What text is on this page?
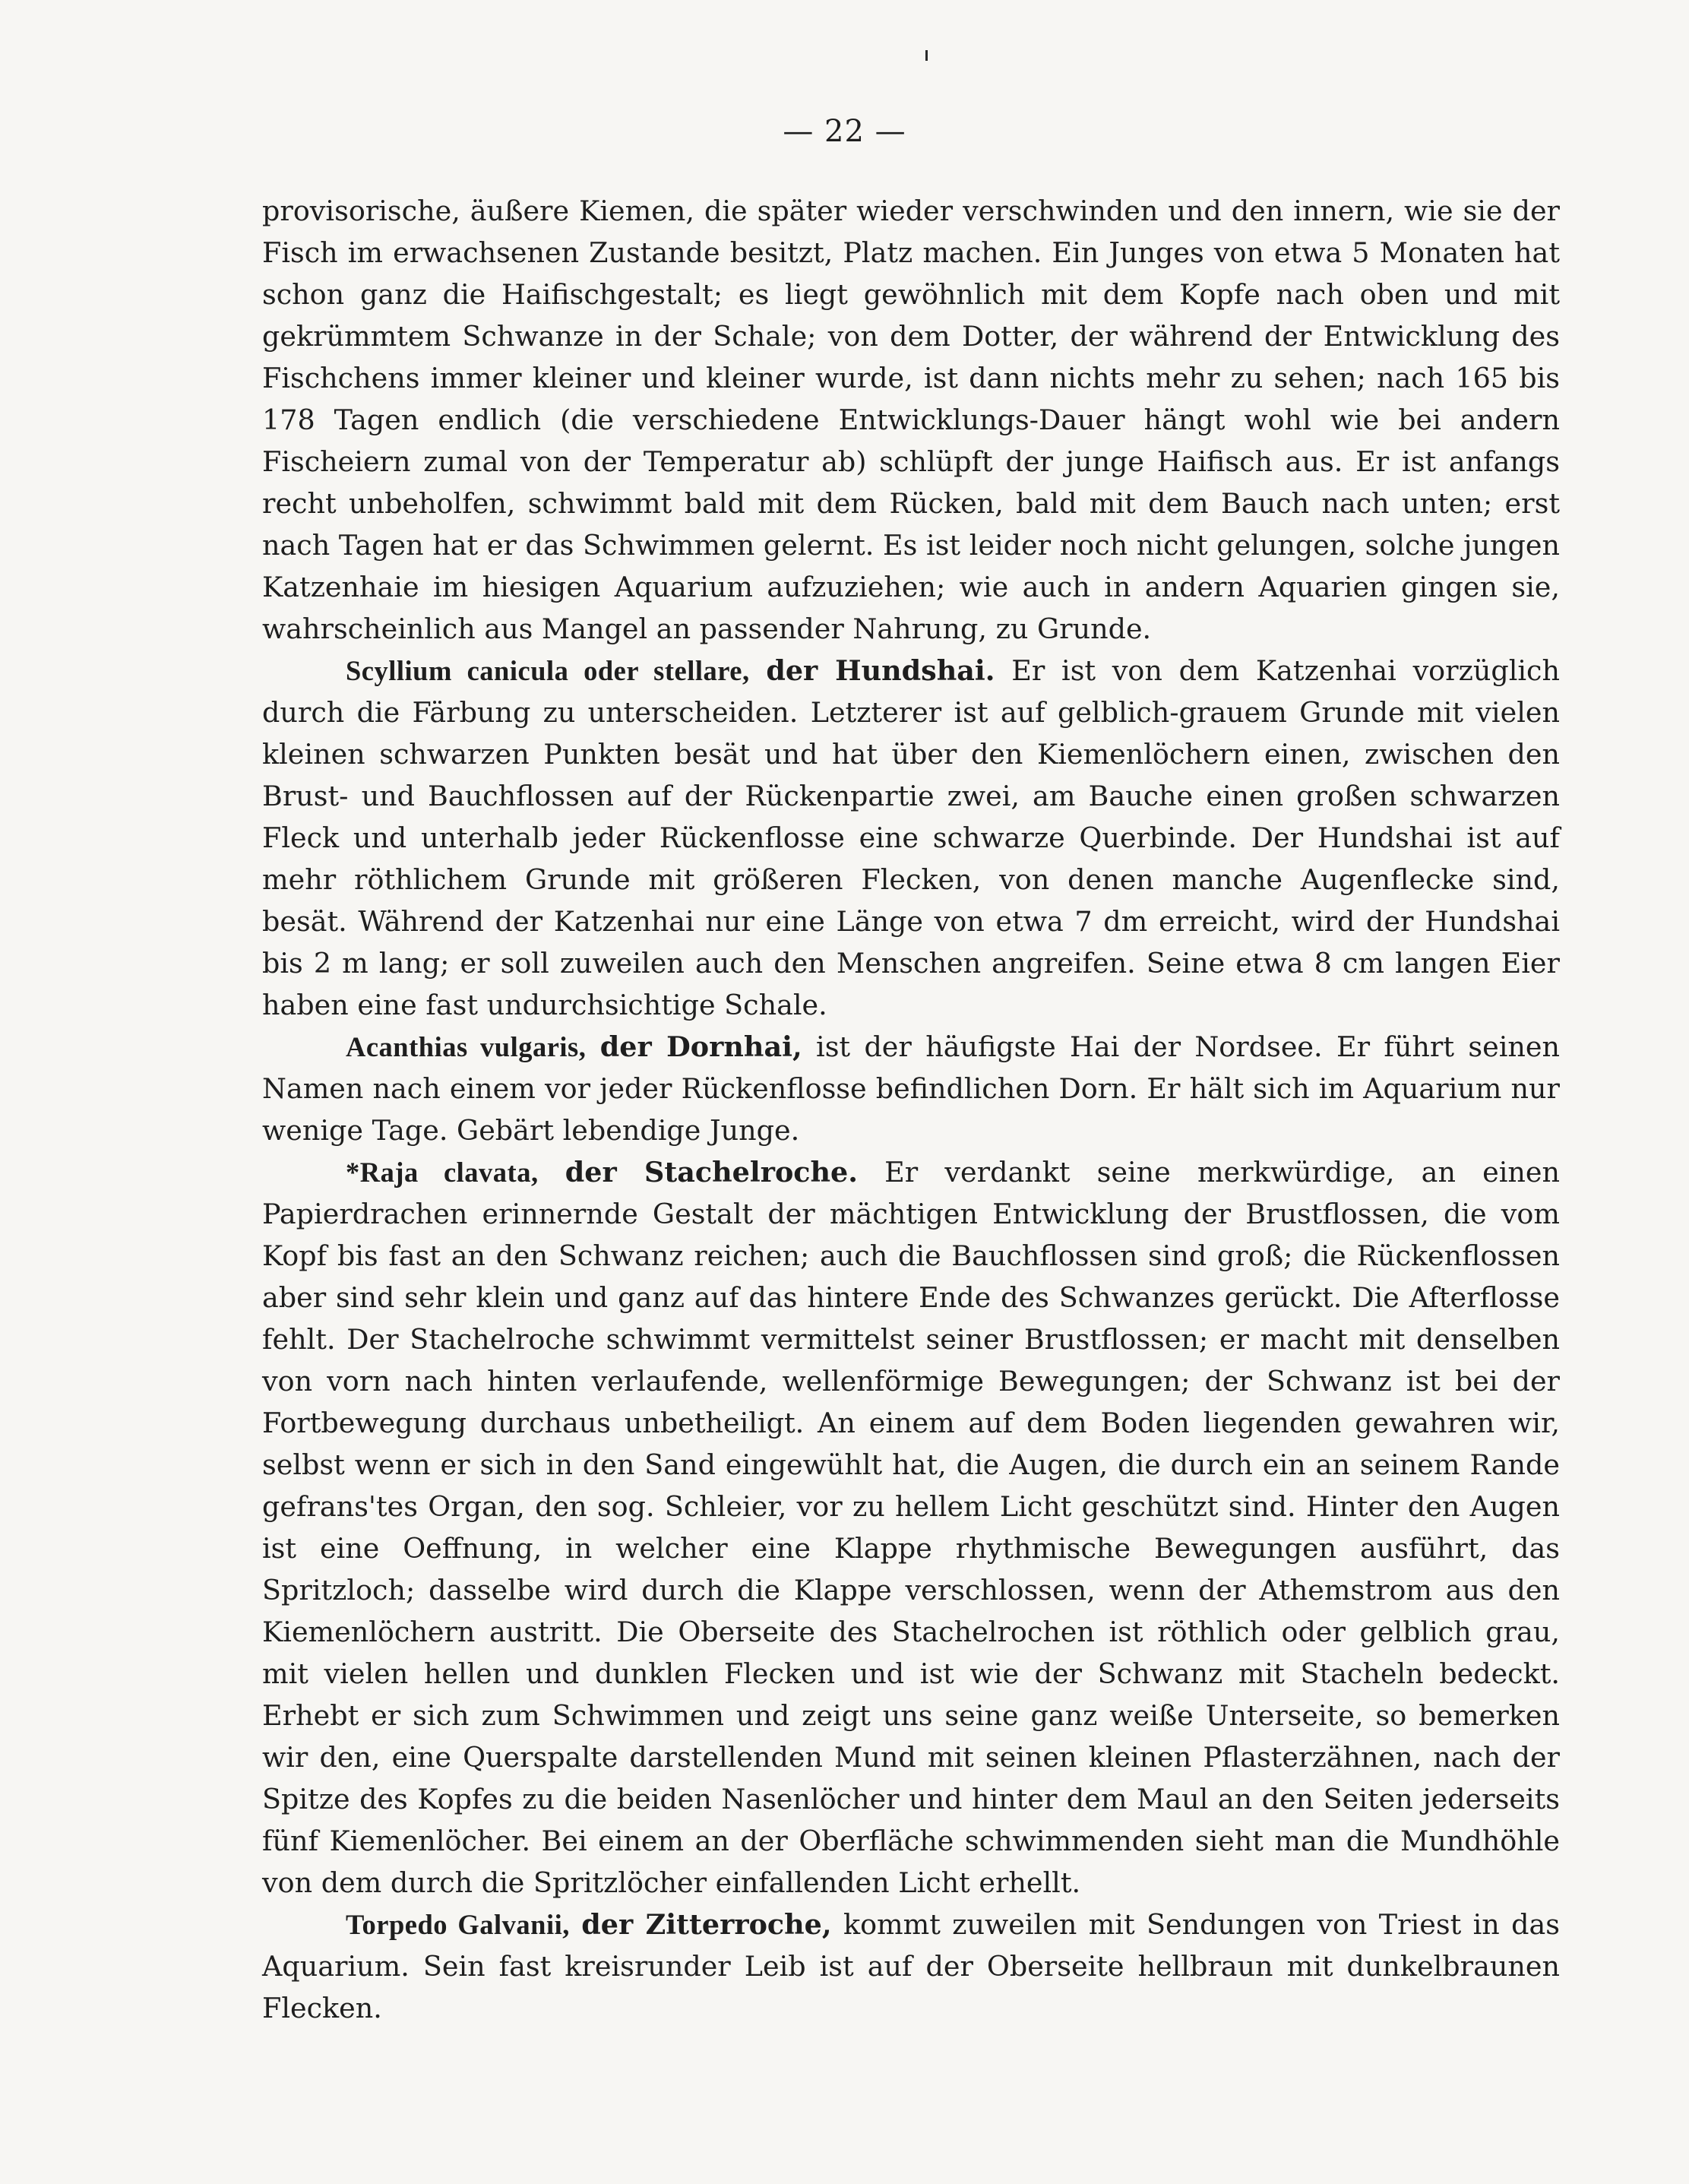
— 22 —

provisorische, äußere Kiemen, die später wieder verschwinden und den innern, wie sie der Fisch im erwachsenen Zustande besitzt, Platz machen. Ein Junges von etwa 5 Monaten hat schon ganz die Haifischgestalt; es liegt gewöhnlich mit dem Kopfe nach oben und mit gekrümmtem Schwanze in der Schale; von dem Dotter, der während der Entwicklung des Fischchens immer kleiner und kleiner wurde, ist dann nichts mehr zu sehen; nach 165 bis 178 Tagen endlich (die verschiedene Entwicklungs-Dauer hängt wohl wie bei andern Fischeiern zumal von der Temperatur ab) schlüpft der junge Haifisch aus. Er ist anfangs recht unbeholfen, schwimmt bald mit dem Rücken, bald mit dem Bauch nach unten; erst nach Tagen hat er das Schwimmen gelernt. Es ist leider noch nicht gelungen, solche jungen Katzenhaie im hiesigen Aquarium aufzuziehen; wie auch in andern Aquarien gingen sie, wahrscheinlich aus Mangel an passender Nahrung, zu Grunde.

Scyllium canicula oder stellare, der Hundshai. Er ist von dem Katzenhai vorzüglich durch die Färbung zu unterscheiden. Letzterer ist auf gelblich-grauem Grunde mit vielen kleinen schwarzen Punkten besät und hat über den Kiemenlöchern einen, zwischen den Brust- und Bauchflossen auf der Rückenpartie zwei, am Bauche einen großen schwarzen Fleck und unterhalb jeder Rückenflosse eine schwarze Querbinde. Der Hundshai ist auf mehr röthlichem Grunde mit größeren Flecken, von denen manche Augenflecke sind, besät. Während der Katzenhai nur eine Länge von etwa 7 dm erreicht, wird der Hundshai bis 2 m lang; er soll zuweilen auch den Menschen angreifen. Seine etwa 8 cm langen Eier haben eine fast undurchsichtige Schale.

Acanthias vulgaris, der Dornhai, ist der häufigste Hai der Nordsee. Er führt seinen Namen nach einem vor jeder Rückenflosse befindlichen Dorn. Er hält sich im Aquarium nur wenige Tage. Gebärt lebendige Junge.

*Raja clavata, der Stachelroche. Er verdankt seine merkwürdige, an einen Papierdrachen erinnernde Gestalt der mächtigen Entwicklung der Brustflossen, die vom Kopf bis fast an den Schwanz reichen; auch die Bauchflossen sind groß; die Rückenflossen aber sind sehr klein und ganz auf das hintere Ende des Schwanzes gerückt. Die Afterflosse fehlt. Der Stachelroche schwimmt vermittelst seiner Brustflossen; er macht mit denselben von vorn nach hinten verlaufende, wellenförmige Bewegungen; der Schwanz ist bei der Fortbewegung durchaus unbetheiligt. An einem auf dem Boden liegenden gewahren wir, selbst wenn er sich in den Sand eingewühlt hat, die Augen, die durch ein an seinem Rande gefrans'tes Organ, den sog. Schleier, vor zu hellem Licht geschützt sind. Hinter den Augen ist eine Oeffnung, in welcher eine Klappe rhythmische Bewegungen ausführt, das Spritzloch; dasselbe wird durch die Klappe verschlossen, wenn der Athemstrom aus den Kiemenlöchern austritt. Die Oberseite des Stachelrochen ist röthlich oder gelblich grau, mit vielen hellen und dunklen Flecken und ist wie der Schwanz mit Stacheln bedeckt. Erhebt er sich zum Schwimmen und zeigt uns seine ganz weiße Unterseite, so bemerken wir den, eine Querspalte darstellenden Mund mit seinen kleinen Pflasterzähnen, nach der Spitze des Kopfes zu die beiden Nasenlöcher und hinter dem Maul an den Seiten jederseits fünf Kiemenlöcher. Bei einem an der Oberfläche schwimmenden sieht man die Mundhöhle von dem durch die Spritzlöcher einfallenden Licht erhellt.

Torpedo Galvanii, der Zitterroche, kommt zuweilen mit Sendungen von Triest in das Aquarium. Sein fast kreisrunder Leib ist auf der Oberseite hellbraun mit dunkelbraunen Flecken.
